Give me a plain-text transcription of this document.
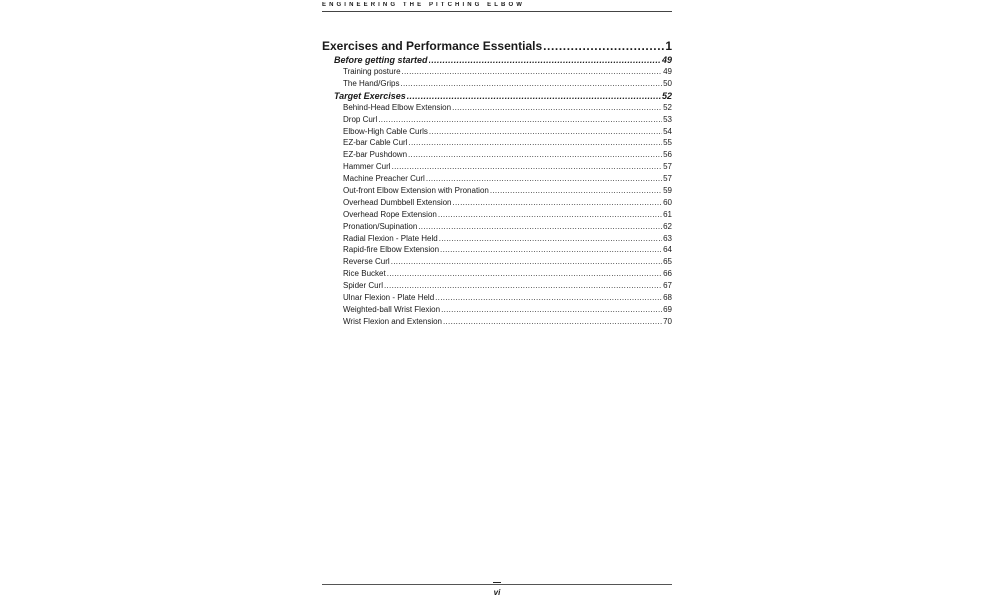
ENGINEERING THE PITCHING ELBOW
Exercises and Performance Essentials .....	1
Before getting started .....	49
Training posture .....	49
The Hand/Grips .....	50
Target Exercises .....	52
Behind-Head Elbow Extension .....	52
Drop Curl .....	53
Elbow-High Cable Curls .....	54
EZ-bar Cable Curl .....	55
EZ-bar Pushdown .....	56
Hammer Curl .....	57
Machine Preacher Curl .....	57
Out-front Elbow Extension with Pronation .....	59
Overhead Dumbbell Extension .....	60
Overhead Rope Extension .....	61
Pronation/Supination .....	62
Radial Flexion - Plate Held .....	63
Rapid-fire Elbow Extension .....	64
Reverse Curl .....	65
Rice Bucket .....	66
Spider Curl .....	67
Ulnar Flexion - Plate Held .....	68
Weighted-ball Wrist Flexion .....	69
Wrist Flexion and Extension .....	70
vi
